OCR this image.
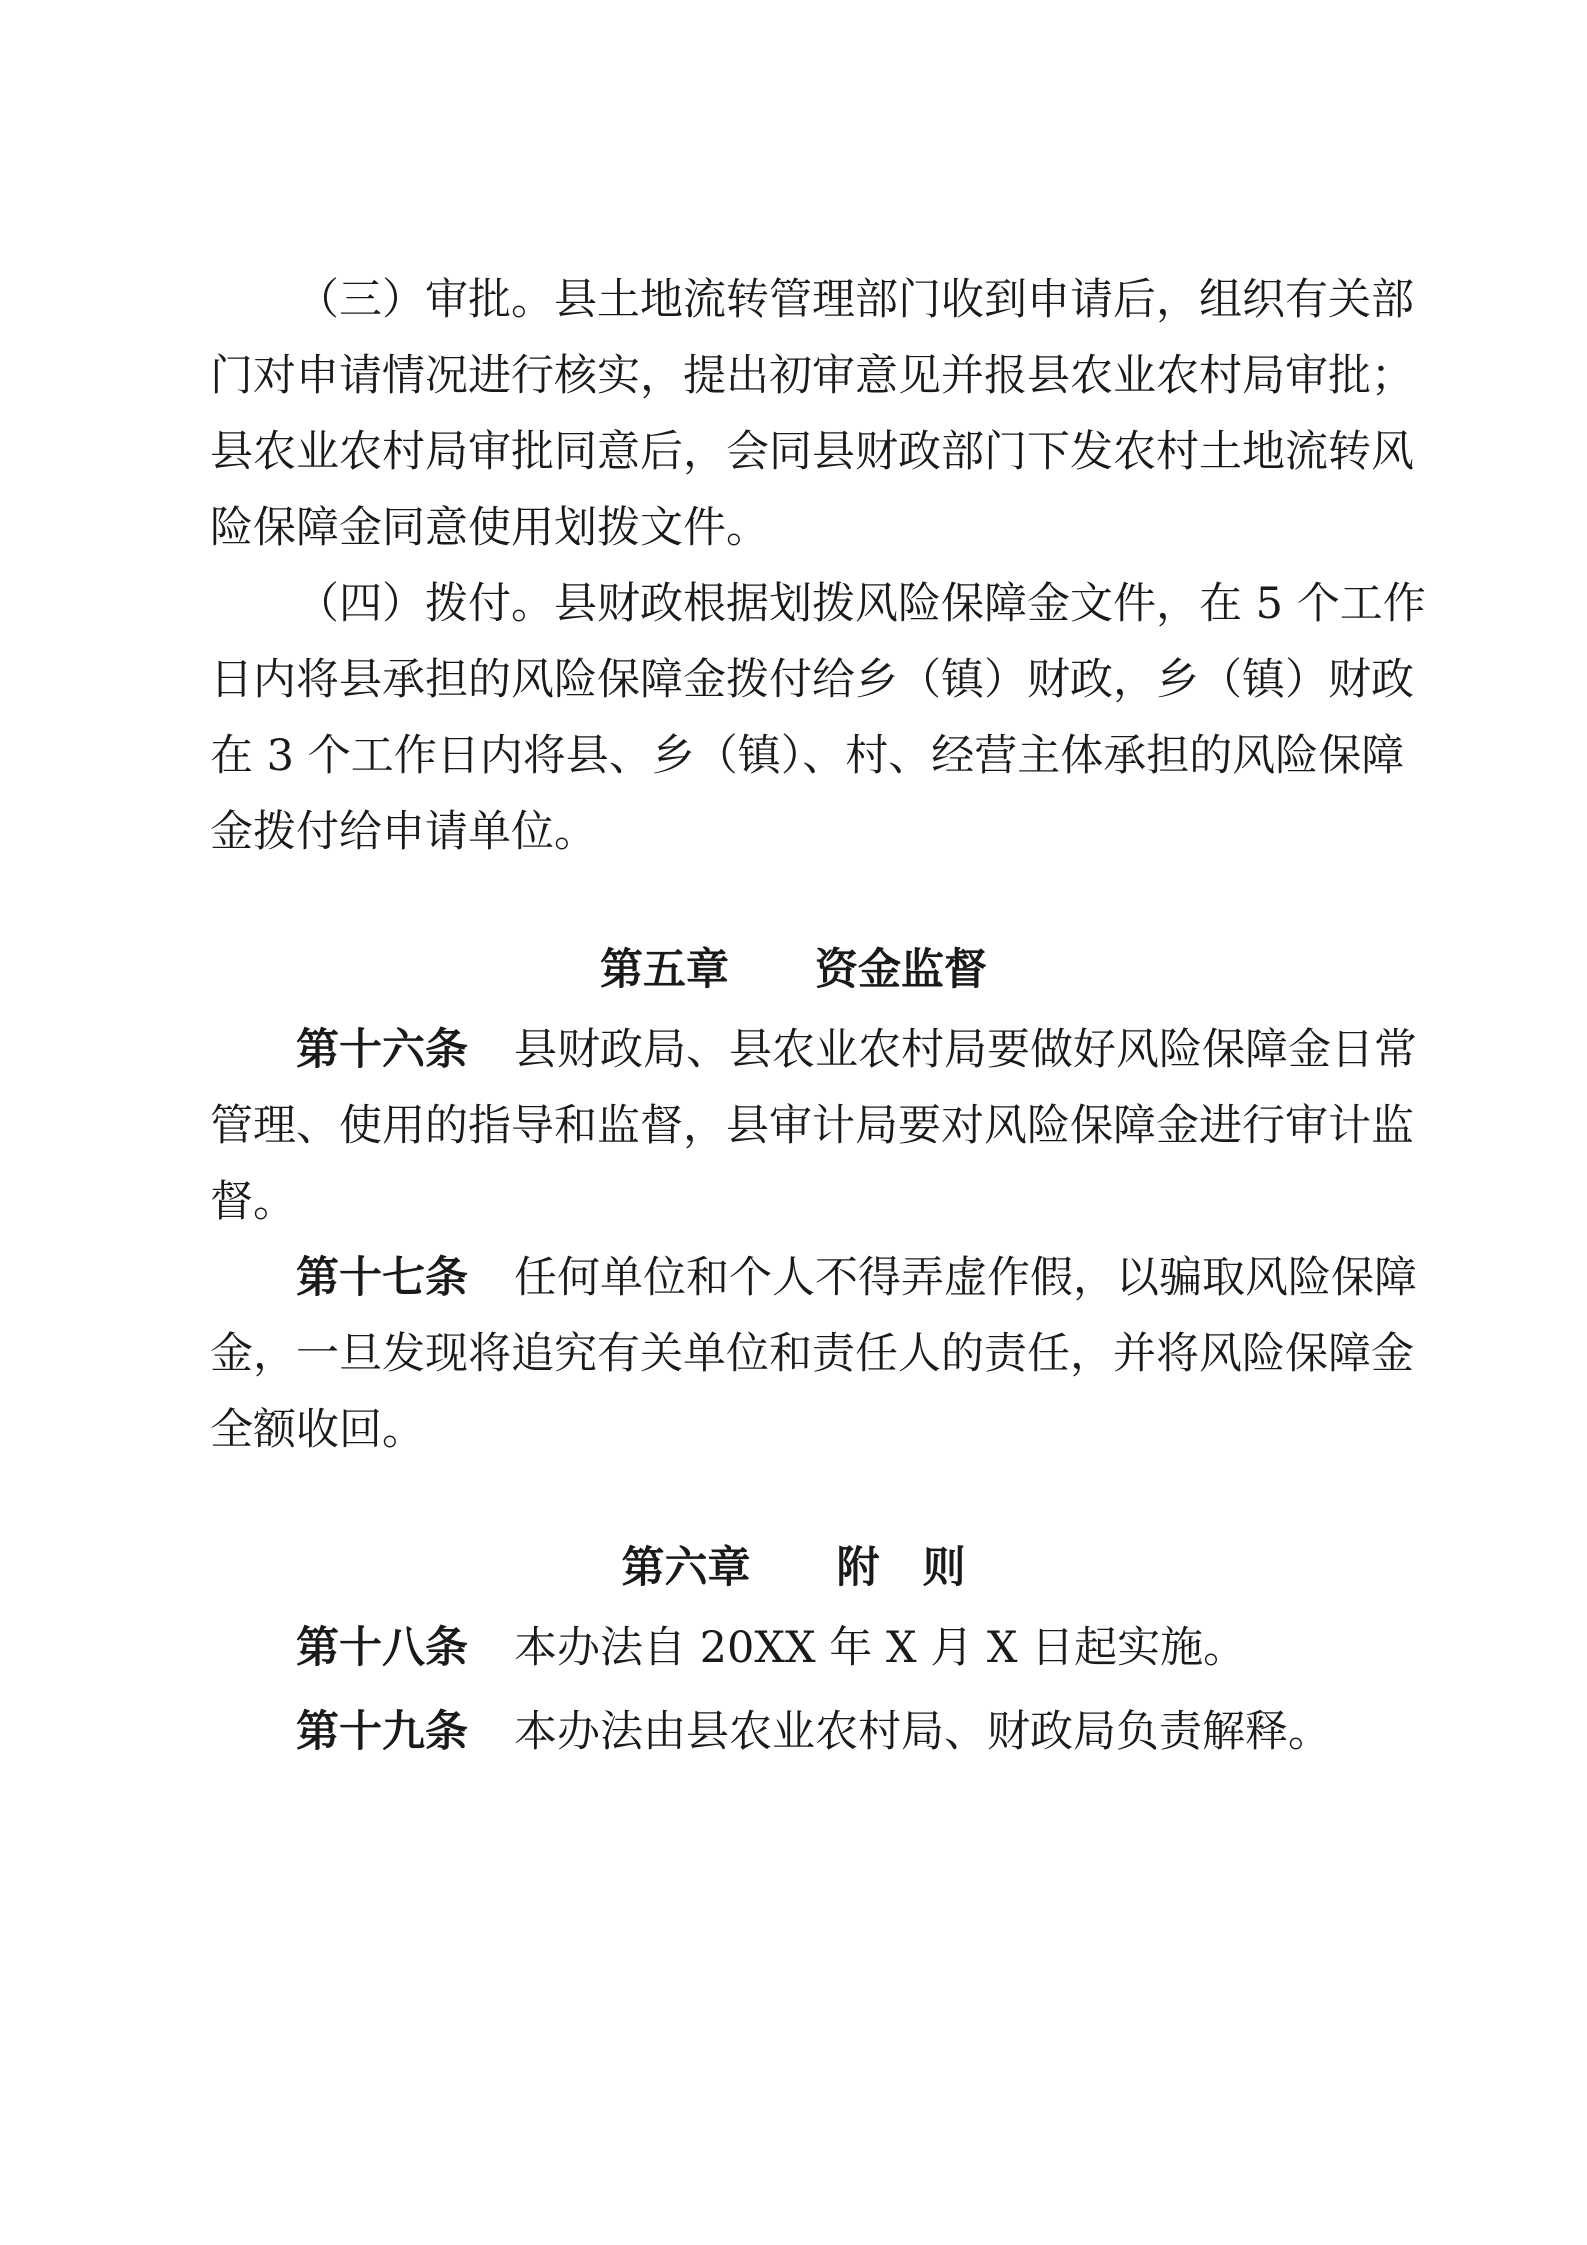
（三）审批。县土地流转管理部门收到申请后，组织有关部
门对申请情况进行核实，提出初审意见并报县农业农村局审批；
县农业农村局审批同意后，会同县财政部门下发农村土地流转风
险保障金同意使用划拨文件。
（四）拨付。县财政根据划拨风险保障金文件，在 5 个工作
日内将县承担的风险保障金拨付给乡（镇）财政，乡（镇）财政
在 3 个工作日内将县、乡（镇）、村、经营主体承担的风险保障
金拨付给申请单位。
第五章　　资金监督
第十六条 县财政局、县农业农村局要做好风险保障金日常
管理、使用的指导和监督，县审计局要对风险保障金进行审计监
督。
第十七条 任何单位和个人不得弄虚作假，以骗取风险保障
金，一旦发现将追究有关单位和责任人的责任，并将风险保障金
全额收回。
第六章　　附　则
第十八条 本办法自 20XX 年 X 月 X 日起实施。
第十九条 本办法由县农业农村局、财政局负责解释。
